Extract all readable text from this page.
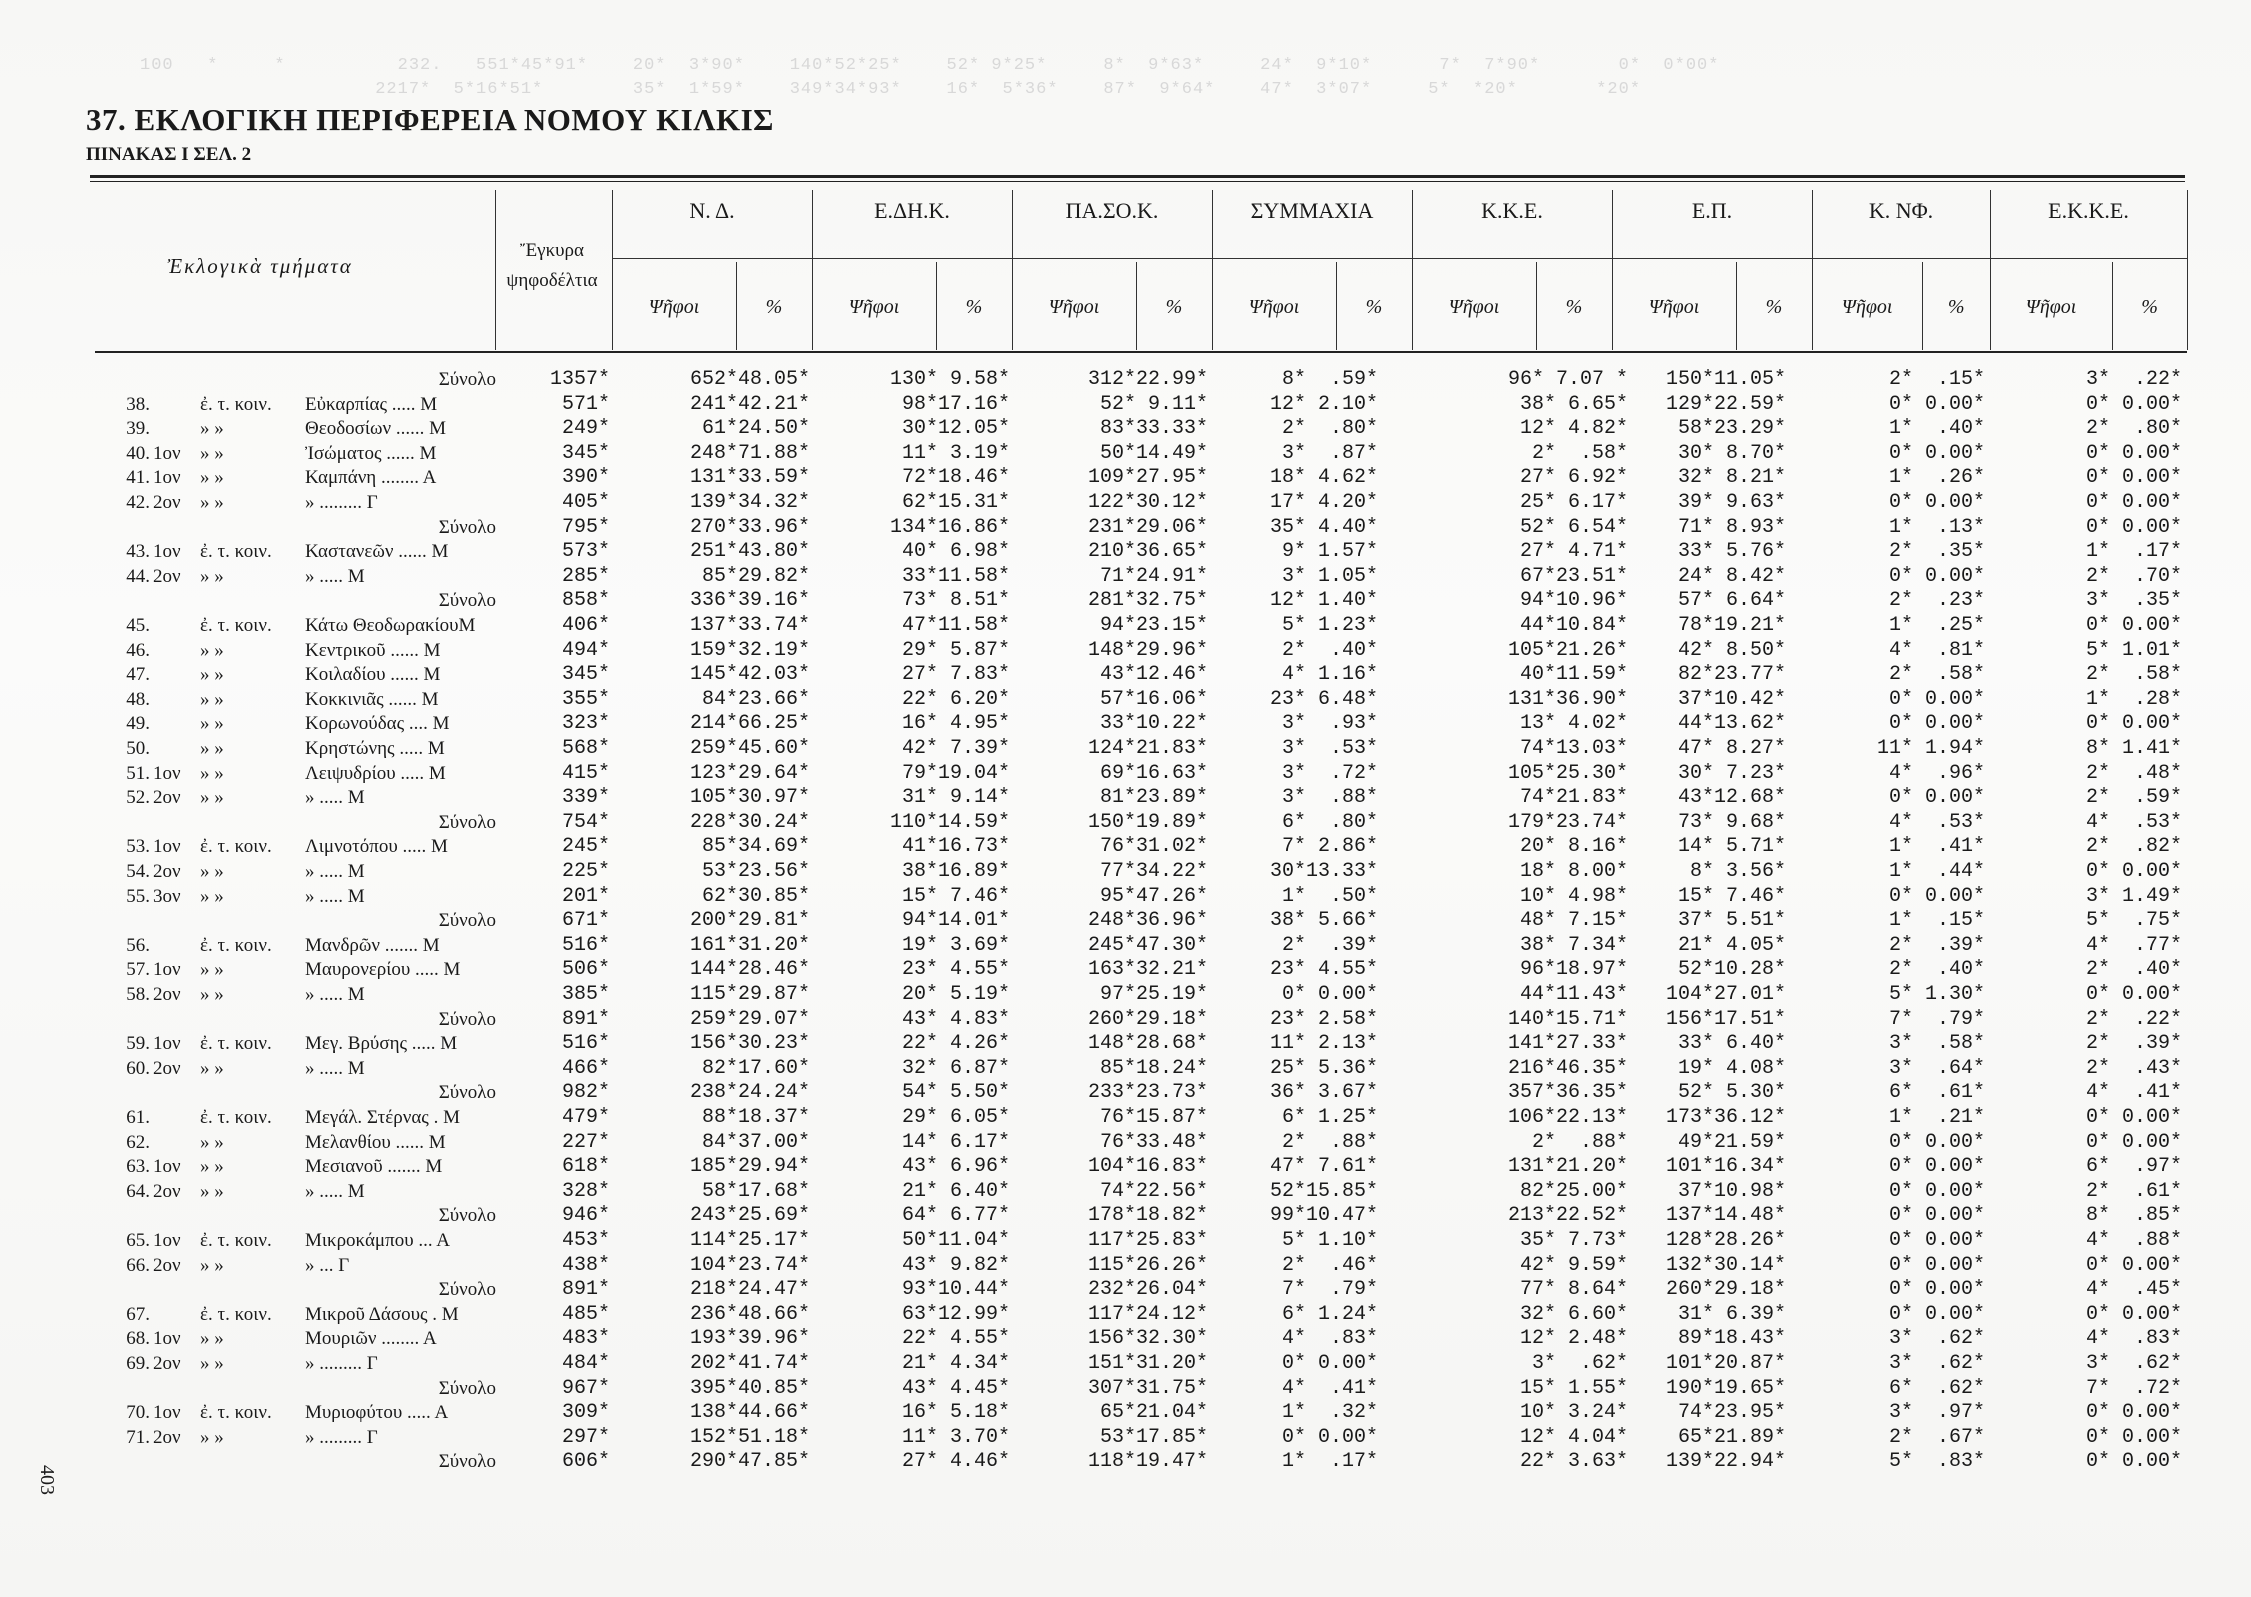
100   *     *          232.   551*45*91*    20*  3*90*    140*52*25*    52* 9*25*     8*  9*63*     24*  9*10*      7*  7*90*       0*  0*00*
2217*  5*16*51*        35*  1*59*    349*34*93*    16*  5*36*    87*  9*64*    47*  3*07*     5*  *20*       *20*
37. ΕΚΛΟΓΙΚΗ ΠΕΡΙΦΕΡΕΙΑ ΝΟΜΟΥ ΚΙΛΚΙΣ
ΠΙΝΑΚΑΣ Ι ΣΕΛ. 2
Ἐκλογικὰ τμήματα
Ἔγκυρα ψηφοδέλτια
Ν. Δ.
Ψῆφοι	%
Ε.ΔΗ.Κ.
Ψῆφοι	%
ΠΑ.ΣΟ.Κ.
Ψῆφοι	%
ΣΥΜΜΑΧΙΑ
Ψῆφοι	%
Κ.Κ.Ε.
Ψῆφοι	%
Ε.Π.
Ψῆφοι	%
Κ. ΝΦ.
Ψῆφοι	%
Ε.Κ.Κ.Ε.
Ψῆφοι	%
Σύνολο	1357*	652*48.05*	130* 9.58*	312*22.99*	8*  .59*	96* 7.07 *	150*11.05*	2*  .15*	3*  .22*
38.	ἐ. τ. κοιν.	Εὐκαρπίας ..... Μ	571*	241*42.21*	98*17.16*	52* 9.11*	12* 2.10*	38* 6.65*	129*22.59*	0* 0.00*	0* 0.00*
39.	» »	Θεοδοσίων ...... Μ	249*	61*24.50*	30*12.05*	83*33.33*	2*  .80*	12* 4.82*	58*23.29*	1*  .40*	2*  .80*
40. 1ον	» »	Ἰσώματος ...... Μ	345*	248*71.88*	11* 3.19*	50*14.49*	3*  .87*	2*  .58*	30* 8.70*	0* 0.00*	0* 0.00*
41. 1ον	» »	Καμπάνη ........ Α	390*	131*33.59*	72*18.46*	109*27.95*	18* 4.62*	27* 6.92*	32* 8.21*	1*  .26*	0* 0.00*
42. 2ον	» »	» ......... Γ	405*	139*34.32*	62*15.31*	122*30.12*	17* 4.20*	25* 6.17*	39* 9.63*	0* 0.00*	0* 0.00*
Σύνολο	795*	270*33.96*	134*16.86*	231*29.06*	35* 4.40*	52* 6.54*	71* 8.93*	1*  .13*	0* 0.00*
43. 1ον	ἐ. τ. κοιν.	Καστανεῶν ...... Μ	573*	251*43.80*	40* 6.98*	210*36.65*	9* 1.57*	27* 4.71*	33* 5.76*	2*  .35*	1*  .17*
44. 2ον	» »	» ..... Μ	285*	85*29.82*	33*11.58*	71*24.91*	3* 1.05*	67*23.51*	24* 8.42*	0* 0.00*	2*  .70*
Σύνολο	858*	336*39.16*	73* 8.51*	281*32.75*	12* 1.40*	94*10.96*	57* 6.64*	2*  .23*	3*  .35*
45.	ἐ. τ. κοιν.	Κάτω ΘεοδωρακίουΜ	406*	137*33.74*	47*11.58*	94*23.15*	5* 1.23*	44*10.84*	78*19.21*	1*  .25*	0* 0.00*
46.	» »	Κεντρικοῦ ...... Μ	494*	159*32.19*	29* 5.87*	148*29.96*	2*  .40*	105*21.26*	42* 8.50*	4*  .81*	5* 1.01*
47.	» »	Κοιλαδίου ...... Μ	345*	145*42.03*	27* 7.83*	43*12.46*	4* 1.16*	40*11.59*	82*23.77*	2*  .58*	2*  .58*
48.	» »	Κοκκινιᾶς ...... Μ	355*	84*23.66*	22* 6.20*	57*16.06*	23* 6.48*	131*36.90*	37*10.42*	0* 0.00*	1*  .28*
49.	» »	Κορωνούδας .... Μ	323*	214*66.25*	16* 4.95*	33*10.22*	3*  .93*	13* 4.02*	44*13.62*	0* 0.00*	0* 0.00*
50.	» »	Κρηστώνης ..... Μ	568*	259*45.60*	42* 7.39*	124*21.83*	3*  .53*	74*13.03*	47* 8.27*	11* 1.94*	8* 1.41*
51. 1ον	» »	Λειψυδρίου ..... Μ	415*	123*29.64*	79*19.04*	69*16.63*	3*  .72*	105*25.30*	30* 7.23*	4*  .96*	2*  .48*
52. 2ον	» »	» ..... Μ	339*	105*30.97*	31* 9.14*	81*23.89*	3*  .88*	74*21.83*	43*12.68*	0* 0.00*	2*  .59*
Σύνολο	754*	228*30.24*	110*14.59*	150*19.89*	6*  .80*	179*23.74*	73* 9.68*	4*  .53*	4*  .53*
53. 1ον	ἐ. τ. κοιν.	Λιμνοτόπου ..... Μ	245*	85*34.69*	41*16.73*	76*31.02*	7* 2.86*	20* 8.16*	14* 5.71*	1*  .41*	2*  .82*
54. 2ον	» »	» ..... Μ	225*	53*23.56*	38*16.89*	77*34.22*	30*13.33*	18* 8.00*	8* 3.56*	1*  .44*	0* 0.00*
55. 3ον	» »	» ..... Μ	201*	62*30.85*	15* 7.46*	95*47.26*	1*  .50*	10* 4.98*	15* 7.46*	0* 0.00*	3* 1.49*
Σύνολο	671*	200*29.81*	94*14.01*	248*36.96*	38* 5.66*	48* 7.15*	37* 5.51*	1*  .15*	5*  .75*
56.	ἐ. τ. κοιν.	Μανδρῶν ....... Μ	516*	161*31.20*	19* 3.69*	245*47.30*	2*  .39*	38* 7.34*	21* 4.05*	2*  .39*	4*  .77*
57. 1ον	» »	Μαυρονερίου ..... Μ	506*	144*28.46*	23* 4.55*	163*32.21*	23* 4.55*	96*18.97*	52*10.28*	2*  .40*	2*  .40*
58. 2ον	» »	» ..... Μ	385*	115*29.87*	20* 5.19*	97*25.19*	0* 0.00*	44*11.43*	104*27.01*	5* 1.30*	0* 0.00*
Σύνολο	891*	259*29.07*	43* 4.83*	260*29.18*	23* 2.58*	140*15.71*	156*17.51*	7*  .79*	2*  .22*
59. 1ον	ἐ. τ. κοιν.	Μεγ. Βρύσης ..... Μ	516*	156*30.23*	22* 4.26*	148*28.68*	11* 2.13*	141*27.33*	33* 6.40*	3*  .58*	2*  .39*
60. 2ον	» »	» ..... Μ	466*	82*17.60*	32* 6.87*	85*18.24*	25* 5.36*	216*46.35*	19* 4.08*	3*  .64*	2*  .43*
Σύνολο	982*	238*24.24*	54* 5.50*	233*23.73*	36* 3.67*	357*36.35*	52* 5.30*	6*  .61*	4*  .41*
61.	ἐ. τ. κοιν.	Μεγάλ. Στέρνας . Μ	479*	88*18.37*	29* 6.05*	76*15.87*	6* 1.25*	106*22.13*	173*36.12*	1*  .21*	0* 0.00*
62.	» »	Μελανθίου ...... Μ	227*	84*37.00*	14* 6.17*	76*33.48*	2*  .88*	2*  .88*	49*21.59*	0* 0.00*	0* 0.00*
63. 1ον	» »	Μεσιανοῦ ....... Μ	618*	185*29.94*	43* 6.96*	104*16.83*	47* 7.61*	131*21.20*	101*16.34*	0* 0.00*	6*  .97*
64. 2ον	» »	» ..... Μ	328*	58*17.68*	21* 6.40*	74*22.56*	52*15.85*	82*25.00*	37*10.98*	0* 0.00*	2*  .61*
Σύνολο	946*	243*25.69*	64* 6.77*	178*18.82*	99*10.47*	213*22.52*	137*14.48*	0* 0.00*	8*  .85*
65. 1ον	ἐ. τ. κοιν.	Μικροκάμπου ... Α	453*	114*25.17*	50*11.04*	117*25.83*	5* 1.10*	35* 7.73*	128*28.26*	0* 0.00*	4*  .88*
66. 2ον	» »	» ... Γ	438*	104*23.74*	43* 9.82*	115*26.26*	2*  .46*	42* 9.59*	132*30.14*	0* 0.00*	0* 0.00*
Σύνολο	891*	218*24.47*	93*10.44*	232*26.04*	7*  .79*	77* 8.64*	260*29.18*	0* 0.00*	4*  .45*
67.	ἐ. τ. κοιν.	Μικροῦ Δάσους . Μ	485*	236*48.66*	63*12.99*	117*24.12*	6* 1.24*	32* 6.60*	31* 6.39*	0* 0.00*	0* 0.00*
68. 1ον	» »	Μουριῶν ........ Α	483*	193*39.96*	22* 4.55*	156*32.30*	4*  .83*	12* 2.48*	89*18.43*	3*  .62*	4*  .83*
69. 2ον	» »	» ......... Γ	484*	202*41.74*	21* 4.34*	151*31.20*	0* 0.00*	3*  .62*	101*20.87*	3*  .62*	3*  .62*
Σύνολο	967*	395*40.85*	43* 4.45*	307*31.75*	4*  .41*	15* 1.55*	190*19.65*	6*  .62*	7*  .72*
70. 1ον	ἐ. τ. κοιν.	Μυριοφύτου ..... Α	309*	138*44.66*	16* 5.18*	65*21.04*	1*  .32*	10* 3.24*	74*23.95*	3*  .97*	0* 0.00*
71. 2ον	» »	» ......... Γ	297*	152*51.18*	11* 3.70*	53*17.85*	0* 0.00*	12* 4.04*	65*21.89*	2*  .67*	0* 0.00*
Σύνολο	606*	290*47.85*	27* 4.46*	118*19.47*	1*  .17*	22* 3.63*	139*22.94*	5*  .83*	0* 0.00*
403
